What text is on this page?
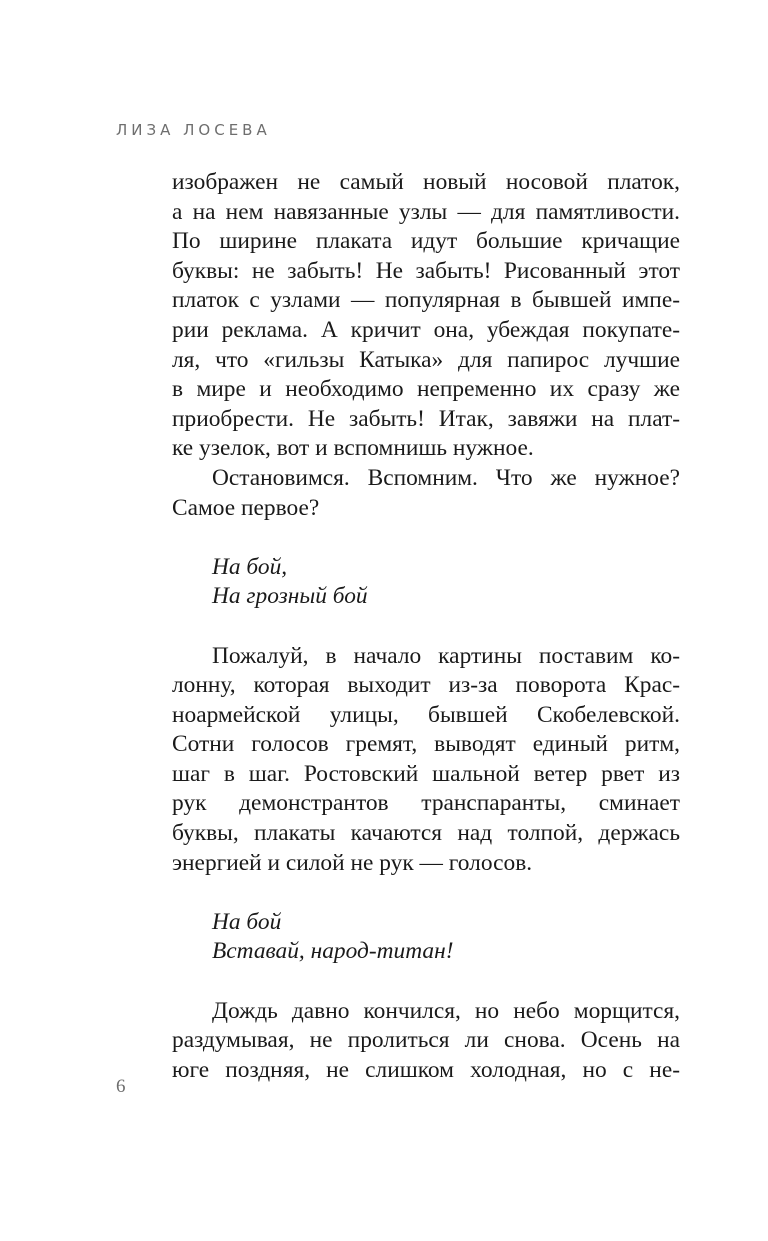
ЛИЗА ЛОСЕВА
изображен не самый новый носовой платок,
а на нем навязанные узлы — для памятливости.
По ширине плаката идут большие кричащие
буквы: не забыть! Не забыть! Рисованный этот
платок с узлами — популярная в бывшей импе-
рии реклама. А кричит она, убеждая покупате-
ля, что «гильзы Катыка» для папирос лучшие
в мире и необходимо непременно их сразу же
приобрести. Не забыть! Итак, завяжи на плат-
ке узелок, вот и вспомнишь нужное.
Остановимся. Вспомним. Что же нужное?
Самое первое?
На бой,
На грозный бой
Пожалуй, в начало картины поставим ко-
лонну, которая выходит из-за поворота Крас-
ноармейской улицы, бывшей Скобелевской.
Сотни голосов гремят, выводят единый ритм,
шаг в шаг. Ростовский шальной ветер рвет из
рук демонстрантов транспаранты, сминает
буквы, плакаты качаются над толпой, держась
энергией и силой не рук — голосов.
На бой
Вставай, народ-титан!
Дождь давно кончился, но небо морщится,
раздумывая, не пролиться ли снова. Осень на
юге поздняя, не слишком холодная, но с не-
6
